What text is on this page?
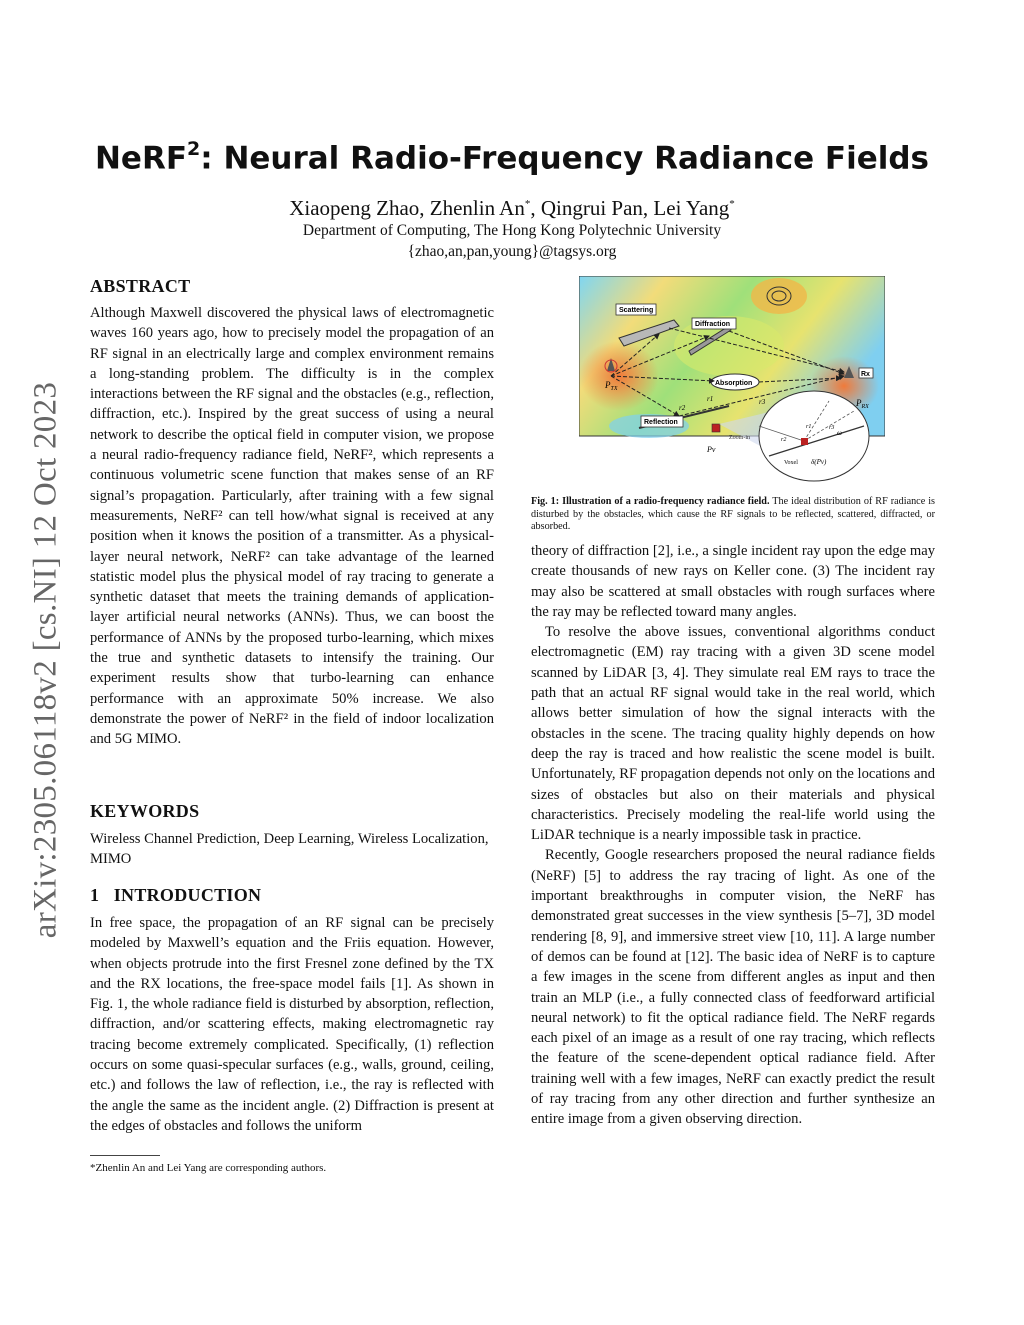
arXiv:2305.06118v2 [cs.NI] 12 Oct 2023
NeRF$^2$: Neural Radio-Frequency Radiance Fields
Xiaopeng Zhao, Zhenlin An*, Qingrui Pan, Lei Yang*
Department of Computing, The Hong Kong Polytechnic University
{zhao,an,pan,young}@tagsys.org
ABSTRACT

Although Maxwell discovered the physical laws of electromagnetic waves 160 years ago, how to precisely model the propagation of an RF signal in an electrically large and complex environment remains a long-standing problem. The difficulty is in the complex interactions between the RF signal and the obstacles (e.g., reflection, diffraction, etc.). Inspired by the great success of using a neural network to describe the optical field in computer vision, we propose a neural radio-frequency radiance field, NeRF², which represents a continuous volumetric scene function that makes sense of an RF signal’s propagation. Particularly, after training with a few signal measurements, NeRF² can tell how/what signal is received at any position when it knows the position of a transmitter. As a physical-layer neural network, NeRF² can take advantage of the learned statistic model plus the physical model of ray tracing to generate a synthetic dataset that meets the training demands of application-layer artificial neural networks (ANNs). Thus, we can boost the performance of ANNs by the proposed turbo-learning, which mixes the true and synthetic datasets to intensify the training. Our experiment results show that turbo-learning can enhance performance with an approximate 50% increase. We also demonstrate the power of NeRF² in the field of indoor localization and 5G MIMO.

KEYWORDS

Wireless Channel Prediction, Deep Learning, Wireless Localization, MIMO

1 INTRODUCTION

In free space, the propagation of an RF signal can be precisely modeled by Maxwell’s equation and the Friis equation. However, when objects protrude into the first Fresnel zone defined by the TX and the RX locations, the free-space model fails [1]. As shown in Fig. 1, the whole radiance field is disturbed by absorption, reflection, diffraction, and/or scattering effects, making electromagnetic ray tracing become extremely complicated. Specifically, (1) reflection occurs on some quasi-specular surfaces (e.g., walls, ground, ceiling, etc.) and follows the law of reflection, i.e., the ray is reflected with the angle the same as the incident angle. (2) Diffraction is present at the edges of obstacles and follows the uniform

*Zhenlin An and Lei Yang are corresponding authors.
Scattering
Diffraction
Absorption
Reflection
$P_{TX}$
Rx
$P_{RX}$
r2
r1	r3
Pv
Zoom-in
Voxel δ(Pv)
ω
r1
r2
r3
Fig. 1: Illustration of a radio-frequency radiance field. The ideal distribution of RF radiance is disturbed by the obstacles, which cause the RF signals to be reflected, scattered, diffracted, or absorbed.

theory of diffraction [2], i.e., a single incident ray upon the edge may create thousands of new rays on Keller cone. (3) The incident ray may also be scattered at small obstacles with rough surfaces where the ray may be reflected toward many angles.

To resolve the above issues, conventional algorithms conduct electromagnetic (EM) ray tracing with a given 3D scene model scanned by LiDAR [3, 4]. They simulate real EM rays to trace the path that an actual RF signal would take in the real world, which allows better simulation of how the signal interacts with the obstacles in the scene. The tracing quality highly depends on how deep the ray is traced and how realistic the scene model is built. Unfortunately, RF propagation depends not only on the locations and sizes of obstacles but also on their materials and physical characteristics. Precisely modeling the real-life world using the LiDAR technique is a nearly impossible task in practice.

Recently, Google researchers proposed the neural radiance fields (NeRF) [5] to address the ray tracing of light. As one of the important breakthroughs in computer vision, the NeRF has demonstrated great successes in the view synthesis [5–7], 3D model rendering [8, 9], and immersive street view [10, 11]. A large number of demos can be found at [12]. The basic idea of NeRF is to capture a few images in the scene from different angles as input and then train an MLP (i.e., a fully connected class of feedforward artificial neural network) to fit the optical radiance field. The NeRF regards each pixel of an image as a result of one ray tracing, which reflects the feature of the scene-dependent optical radiance field. After training well with a few images, NeRF can exactly predict the result of ray tracing from any other direction and further synthesize an entire image from a given observing direction.
